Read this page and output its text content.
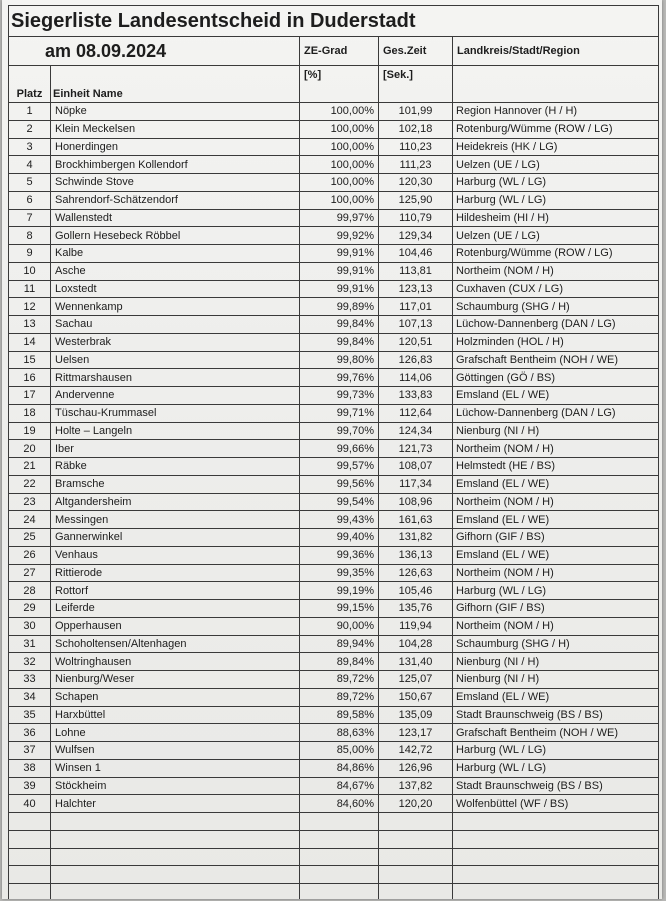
Siegerliste Landesentscheid in Duderstadt				
am 08.09.2024		ZE-Grad	Ges.Zeit	Landkreis/Stadt/Region
Platz	Einheit Name	[%]	[Sek.]	

1	Nöpke	100,00%	101,99	Region Hannover (H / H)
2	Klein Meckelsen	100,00%	102,18	Rotenburg/Wümme (ROW / LG)
3	Honerdingen	100,00%	110,23	Heidekreis (HK / LG)
4	Brockhimbergen Kollendorf	100,00%	111,23	Uelzen (UE / LG)
5	Schwinde Stove	100,00%	120,30	Harburg (WL / LG)
6	Sahrendorf-Schätzendorf	100,00%	125,90	Harburg (WL / LG)
7	Wallenstedt	99,97%	110,79	Hildesheim (HI / H)
8	Gollern Hesebeck Röbbel	99,92%	129,34	Uelzen (UE / LG)
9	Kalbe	99,91%	104,46	Rotenburg/Wümme (ROW / LG)
10	Asche	99,91%	113,81	Northeim (NOM / H)
11	Loxstedt	99,91%	123,13	Cuxhaven (CUX / LG)
12	Wennenkamp	99,89%	117,01	Schaumburg (SHG / H)
13	Sachau	99,84%	107,13	Lüchow-Dannenberg (DAN / LG)
14	Westerbrak	99,84%	120,51	Holzminden (HOL / H)
15	Uelsen	99,80%	126,83	Grafschaft Bentheim (NOH / WE)
16	Rittmarshausen	99,76%	114,06	Göttingen (GÖ / BS)
17	Andervenne	99,73%	133,83	Emsland (EL / WE)
18	Tüschau-Krummasel	99,71%	112,64	Lüchow-Dannenberg (DAN / LG)
19	Holte – Langeln	99,70%	124,34	Nienburg (NI / H)
20	Iber	99,66%	121,73	Northeim (NOM / H)
21	Räbke	99,57%	108,07	Helmstedt (HE / BS)
22	Bramsche	99,56%	117,34	Emsland (EL / WE)
23	Altgandersheim	99,54%	108,96	Northeim (NOM / H)
24	Messingen	99,43%	161,63	Emsland (EL / WE)
25	Gannerwinkel	99,40%	131,82	Gifhorn (GIF / BS)
26	Venhaus	99,36%	136,13	Emsland (EL / WE)
27	Rittierode	99,35%	126,63	Northeim (NOM / H)
28	Rottorf	99,19%	105,46	Harburg (WL / LG)
29	Leiferde	99,15%	135,76	Gifhorn (GIF / BS)
30	Opperhausen	90,00%	119,94	Northeim (NOM / H)
31	Schoholtensen/Altenhagen	89,94%	104,28	Schaumburg (SHG / H)
32	Woltringhausen	89,84%	131,40	Nienburg (NI / H)
33	Nienburg/Weser	89,72%	125,07	Nienburg (NI / H)
34	Schapen	89,72%	150,67	Emsland (EL / WE)
35	Harxbüttel	89,58%	135,09	Stadt Braunschweig (BS / BS)
36	Lohne	88,63%	123,17	Grafschaft Bentheim (NOH / WE)
37	Wulfsen	85,00%	142,72	Harburg (WL / LG)
38	Winsen 1	84,86%	126,96	Harburg (WL / LG)
39	Stöckheim	84,67%	137,82	Stadt Braunschweig (BS / BS)
40	Halchter	84,60%	120,20	Wolfenbüttel (WF / BS)
